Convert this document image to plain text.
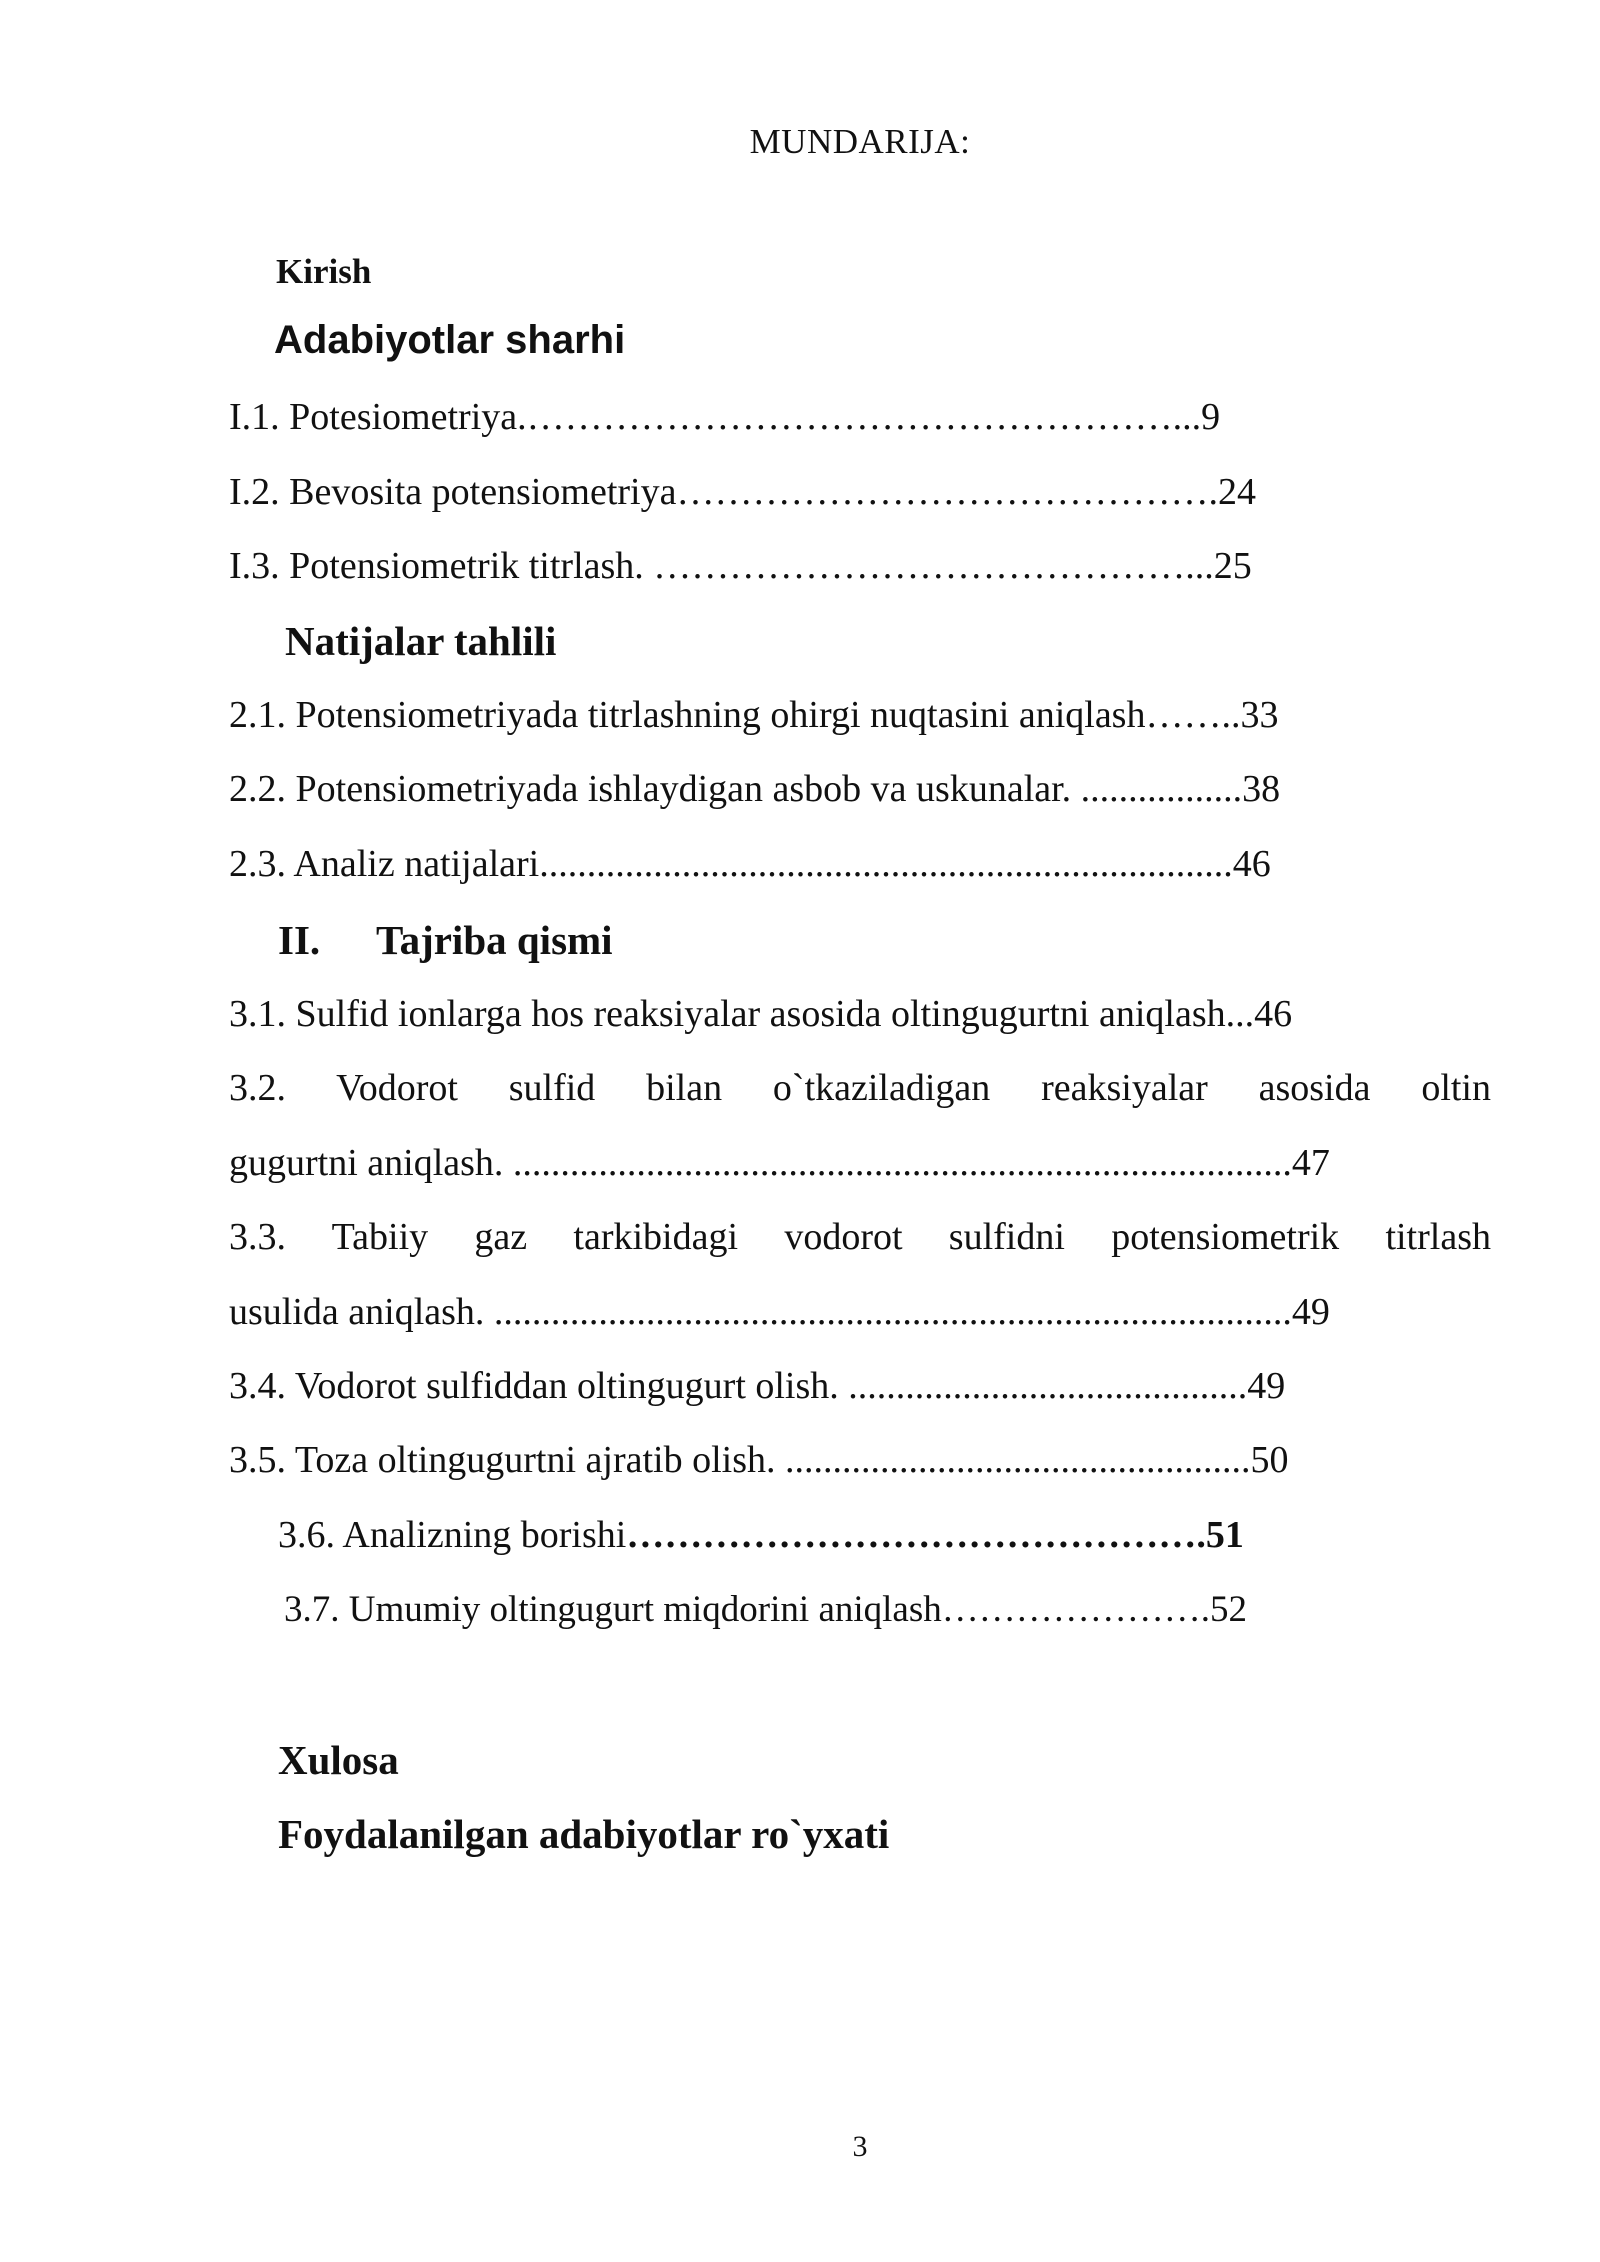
MUNDARIJA:
Kirish
Adabiyotlar sharhi
I.1. Potesiometriya.……………………………………………...9
I.2. Bevosita potensiometriya…………………………………….24
I.3. Potensiometrik titrlash. ……………………………………...25
Natijalar tahlili
2.1. Potensiometriyada titrlashning ohirgi nuqtasini aniqlash……..33
2.2. Potensiometriyada ishlaydigan asbob va uskunalar. .................38
2.3. Analiz natijalari.........................................................................46
II. Tajriba qismi
3.1. Sulfid ionlarga hos reaksiyalar asosida oltingugurtni aniqlash...46
3.2. Vodorot sulfid bilan o`tkaziladigan reaksiyalar asosida oltin
gugurtni aniqlash. ..................................................................................47
3.3. Tabiiy gaz tarkibidagi vodorot sulfidni potensiometrik titrlash
usulida aniqlash. ....................................................................................49
3.4. Vodorot sulfiddan oltingugurt olish. ..........................................49
3.5. Toza oltingugurtni ajratib olish. .................................................50
3.6. Analizning borishi……………………………………….51
3.7. Umumiy oltingugurt miqdorini aniqlash………………….52
Xulosa
Foydalanilgan adabiyotlar ro`yxati
3
